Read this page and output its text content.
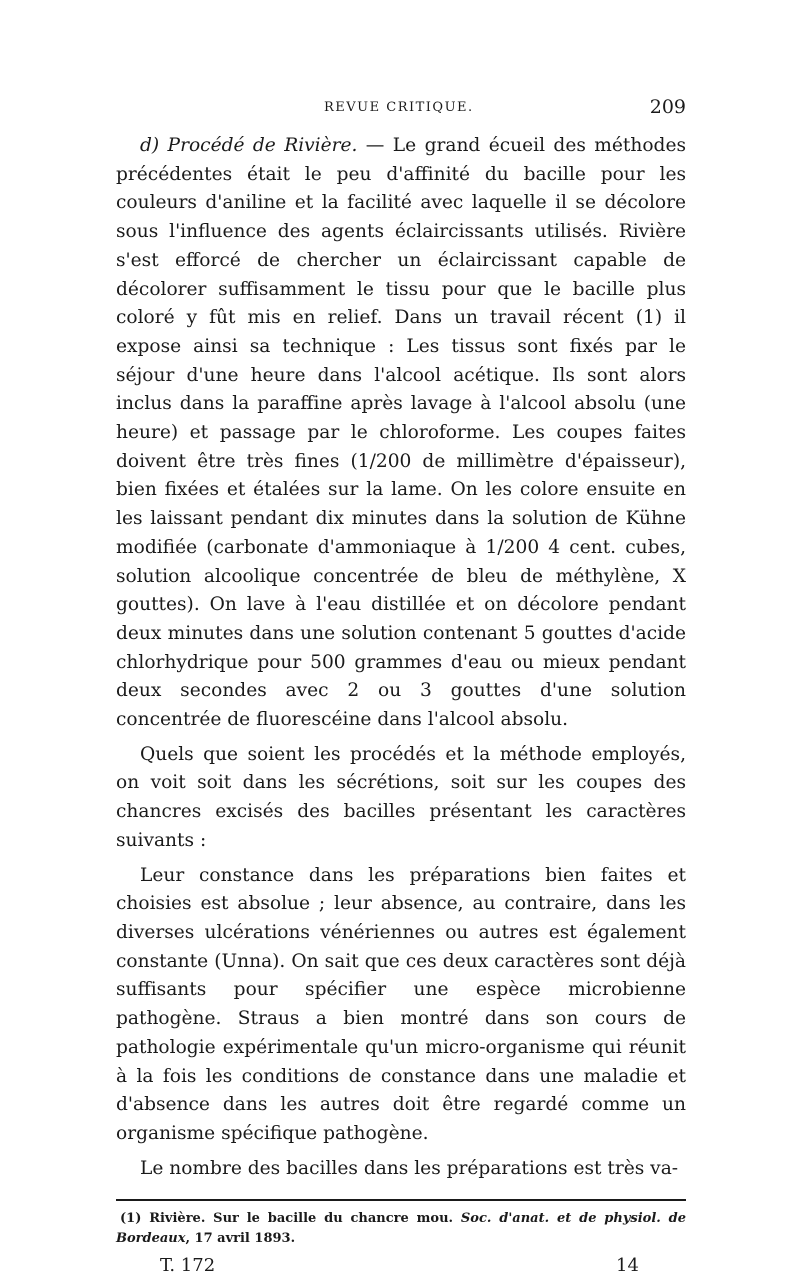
REVUE CRITIQUE.	209

d) Procédé de Rivière. — Le grand écueil des méthodes précédentes était le peu d'affinité du bacille pour les couleurs d'aniline et la facilité avec laquelle il se décolore sous l'influence des agents éclaircissants utilisés. Rivière s'est efforcé de chercher un éclaircissant capable de décolorer suffisamment le tissu pour que le bacille plus coloré y fût mis en relief. Dans un travail récent (1) il expose ainsi sa technique : Les tissus sont fixés par le séjour d'une heure dans l'alcool acétique. Ils sont alors inclus dans la paraffine après lavage à l'alcool absolu (une heure) et passage par le chloroforme. Les coupes faites doivent être très fines (1/200 de millimètre d'épaisseur), bien fixées et étalées sur la lame. On les colore ensuite en les laissant pendant dix minutes dans la solution de Kühne modifiée (carbonate d'ammoniaque à 1/200 4 cent. cubes, solution alcoolique concentrée de bleu de méthylène, X gouttes). On lave à l'eau distillée et on décolore pendant deux minutes dans une solution contenant 5 gouttes d'acide chlorhydrique pour 500 grammes d'eau ou mieux pendant deux secondes avec 2 ou 3 gouttes d'une solution concentrée de fluorescéine dans l'alcool absolu.

Quels que soient les procédés et la méthode employés, on voit soit dans les sécrétions, soit sur les coupes des chancres excisés des bacilles présentant les caractères suivants :

Leur constance dans les préparations bien faites et choisies est absolue ; leur absence, au contraire, dans les diverses ulcérations vénériennes ou autres est également constante (Unna). On sait que ces deux caractères sont déjà suffisants pour spécifier une espèce microbienne pathogène. Straus a bien montré dans son cours de pathologie expérimentale qu'un micro-organisme qui réunit à la fois les conditions de constance dans une maladie et d'absence dans les autres doit être regardé comme un organisme spécifique pathogène.

Le nombre des bacilles dans les préparations est très va-

(1) Rivière. Sur le bacille du chancre mou. Soc. d'anat. et de physiol. de Bordeaux, 17 avril 1893.

T. 172	14
